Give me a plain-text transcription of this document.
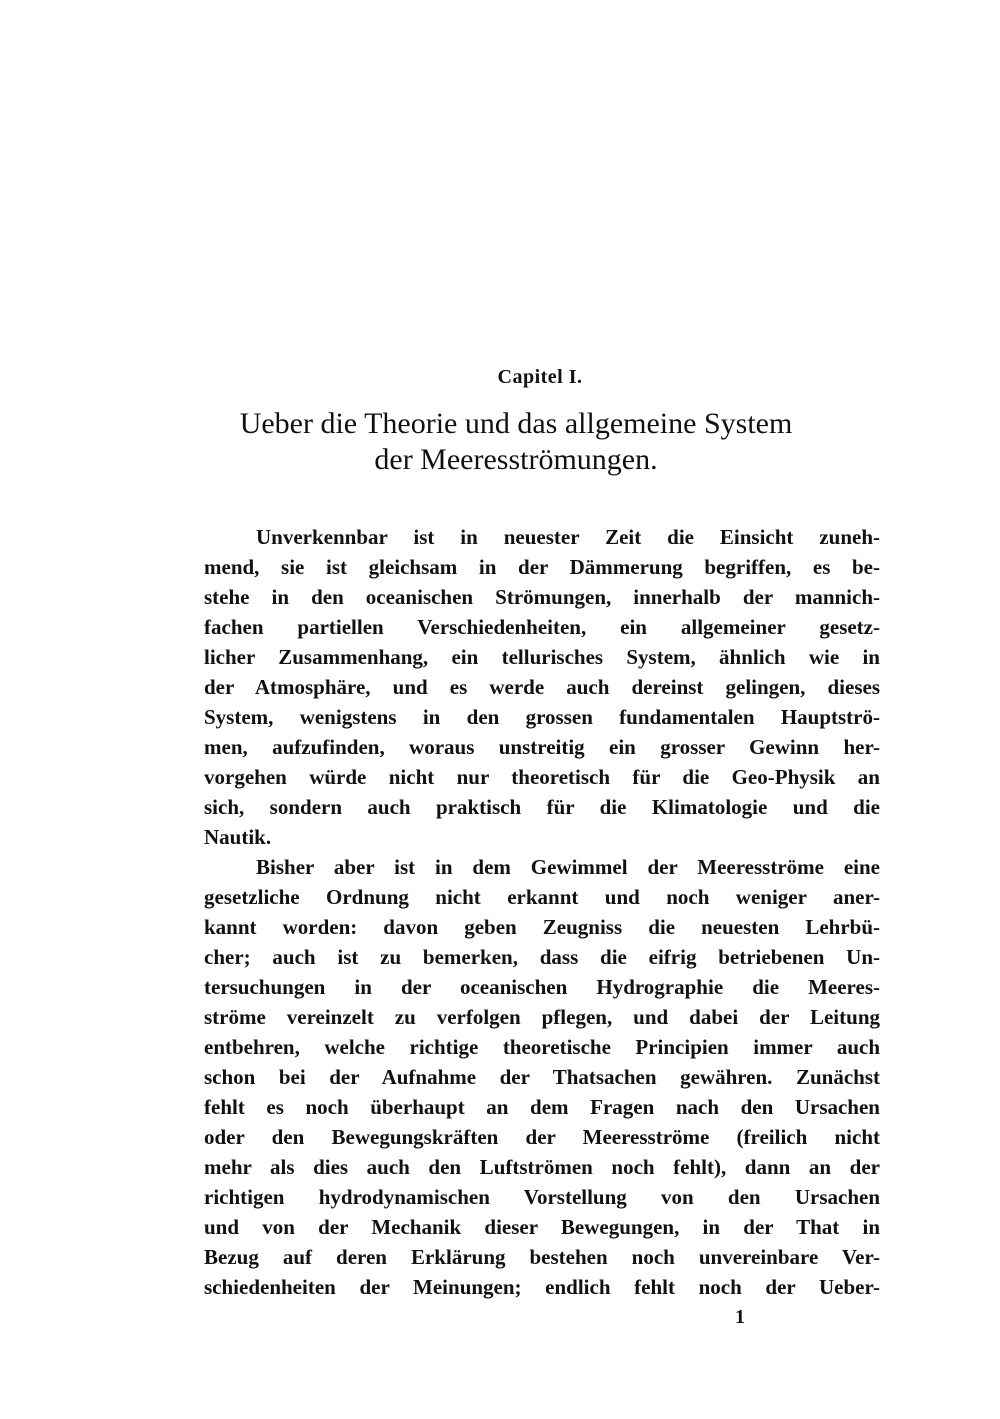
Capitel I.
Ueber die Theorie und das allgemeine System
der Meeresströmungen.
Unverkennbar ist in neuester Zeit die Einsicht zuneh-
mend, sie ist gleichsam in der Dämmerung begriffen, es be-
stehe in den oceanischen Strömungen, innerhalb der mannich-
fachen partiellen Verschiedenheiten, ein allgemeiner gesetz-
licher Zusammenhang, ein tellurisches System, ähnlich wie in
der Atmosphäre, und es werde auch dereinst gelingen, dieses
System, wenigstens in den grossen fundamentalen Hauptströ-
men, aufzufinden, woraus unstreitig ein grosser Gewinn her-
vorgehen würde nicht nur theoretisch für die Geo-Physik an
sich, sondern auch praktisch für die Klimatologie und die
Nautik.
Bisher aber ist in dem Gewimmel der Meeresströme eine
gesetzliche Ordnung nicht erkannt und noch weniger aner-
kannt worden: davon geben Zeugniss die neuesten Lehrbü-
cher; auch ist zu bemerken, dass die eifrig betriebenen Un-
tersuchungen in der oceanischen Hydrographie die Meeres-
ströme vereinzelt zu verfolgen pflegen, und dabei der Leitung
entbehren, welche richtige theoretische Principien immer auch
schon bei der Aufnahme der Thatsachen gewähren. Zunächst
fehlt es noch überhaupt an dem Fragen nach den Ursachen
oder den Bewegungskräften der Meeresströme (freilich nicht
mehr als dies auch den Luftströmen noch fehlt), dann an der
richtigen hydrodynamischen Vorstellung von den Ursachen
und von der Mechanik dieser Bewegungen, in der That in
Bezug auf deren Erklärung bestehen noch unvereinbare Ver-
schiedenheiten der Meinungen; endlich fehlt noch der Ueber-
1
